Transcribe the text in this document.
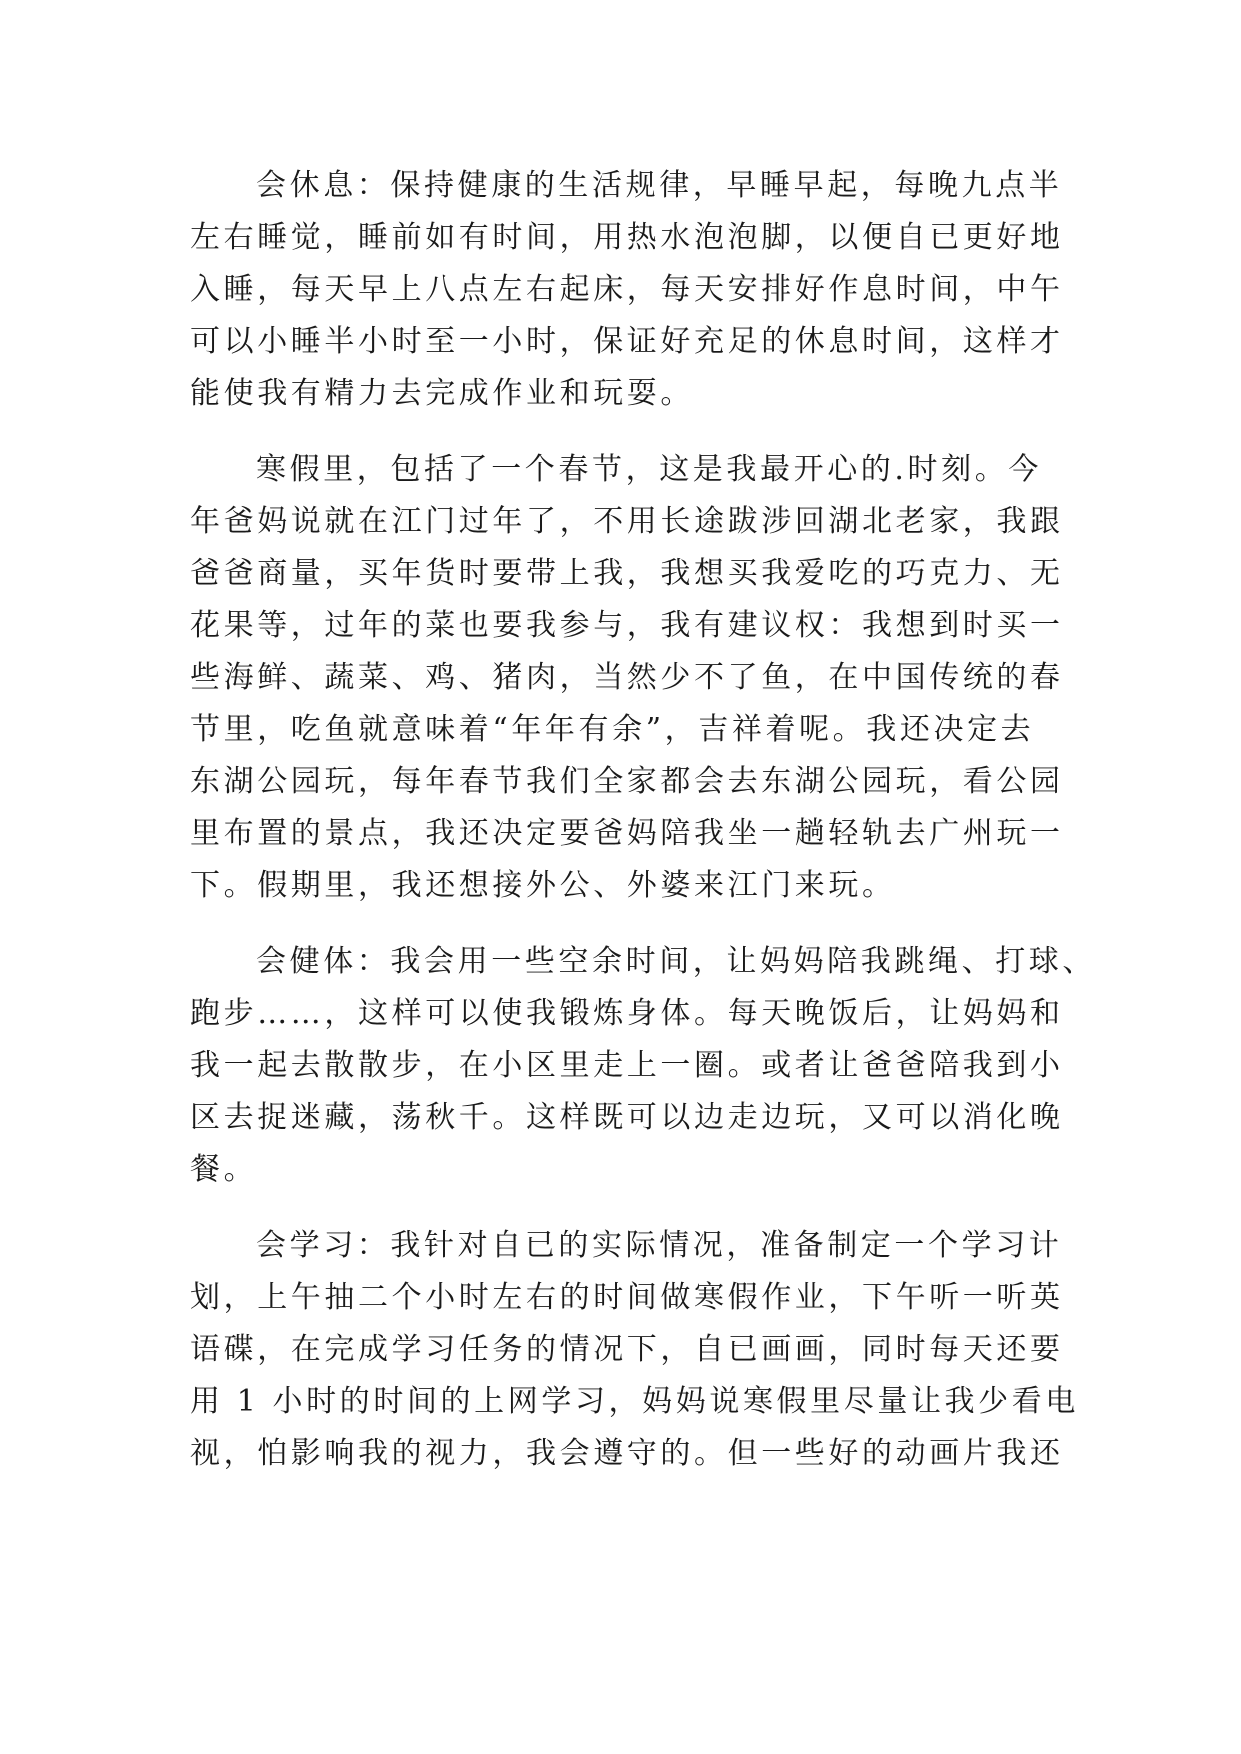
会休息：保持健康的生活规律，早睡早起，每晚九点半

左右睡觉，睡前如有时间，用热水泡泡脚，以便自已更好地

入睡，每天早上八点左右起床，每天安排好作息时间，中午

可以小睡半小时至一小时，保证好充足的休息时间，这样才

能使我有精力去完成作业和玩耍。

寒假里，包括了一个春节，这是我最开心的.时刻。今

年爸妈说就在江门过年了，不用长途跋涉回湖北老家，我跟

爸爸商量，买年货时要带上我，我想买我爱吃的巧克力、无

花果等，过年的菜也要我参与，我有建议权：我想到时买一

些海鲜、蔬菜、鸡、猪肉，当然少不了鱼，在中国传统的春

节里，吃鱼就意味着“年年有余”，吉祥着呢。我还决定去

东湖公园玩，每年春节我们全家都会去东湖公园玩，看公园

里布置的景点，我还决定要爸妈陪我坐一趟轻轨去广州玩一

下。假期里，我还想接外公、外婆来江门来玩。

会健体：我会用一些空余时间，让妈妈陪我跳绳、打球、

跑步……，这样可以使我锻炼身体。每天晚饭后，让妈妈和

我一起去散散步，在小区里走上一圈。或者让爸爸陪我到小

区去捉迷藏，荡秋千。这样既可以边走边玩，又可以消化晚

餐。

会学习：我针对自已的实际情况，准备制定一个学习计

划，上午抽二个小时左右的时间做寒假作业，下午听一听英

语碟，在完成学习任务的情况下，自已画画，同时每天还要

用 1 小时的时间的上网学习，妈妈说寒假里尽量让我少看电

视，怕影响我的视力，我会遵守的。但一些好的动画片我还
